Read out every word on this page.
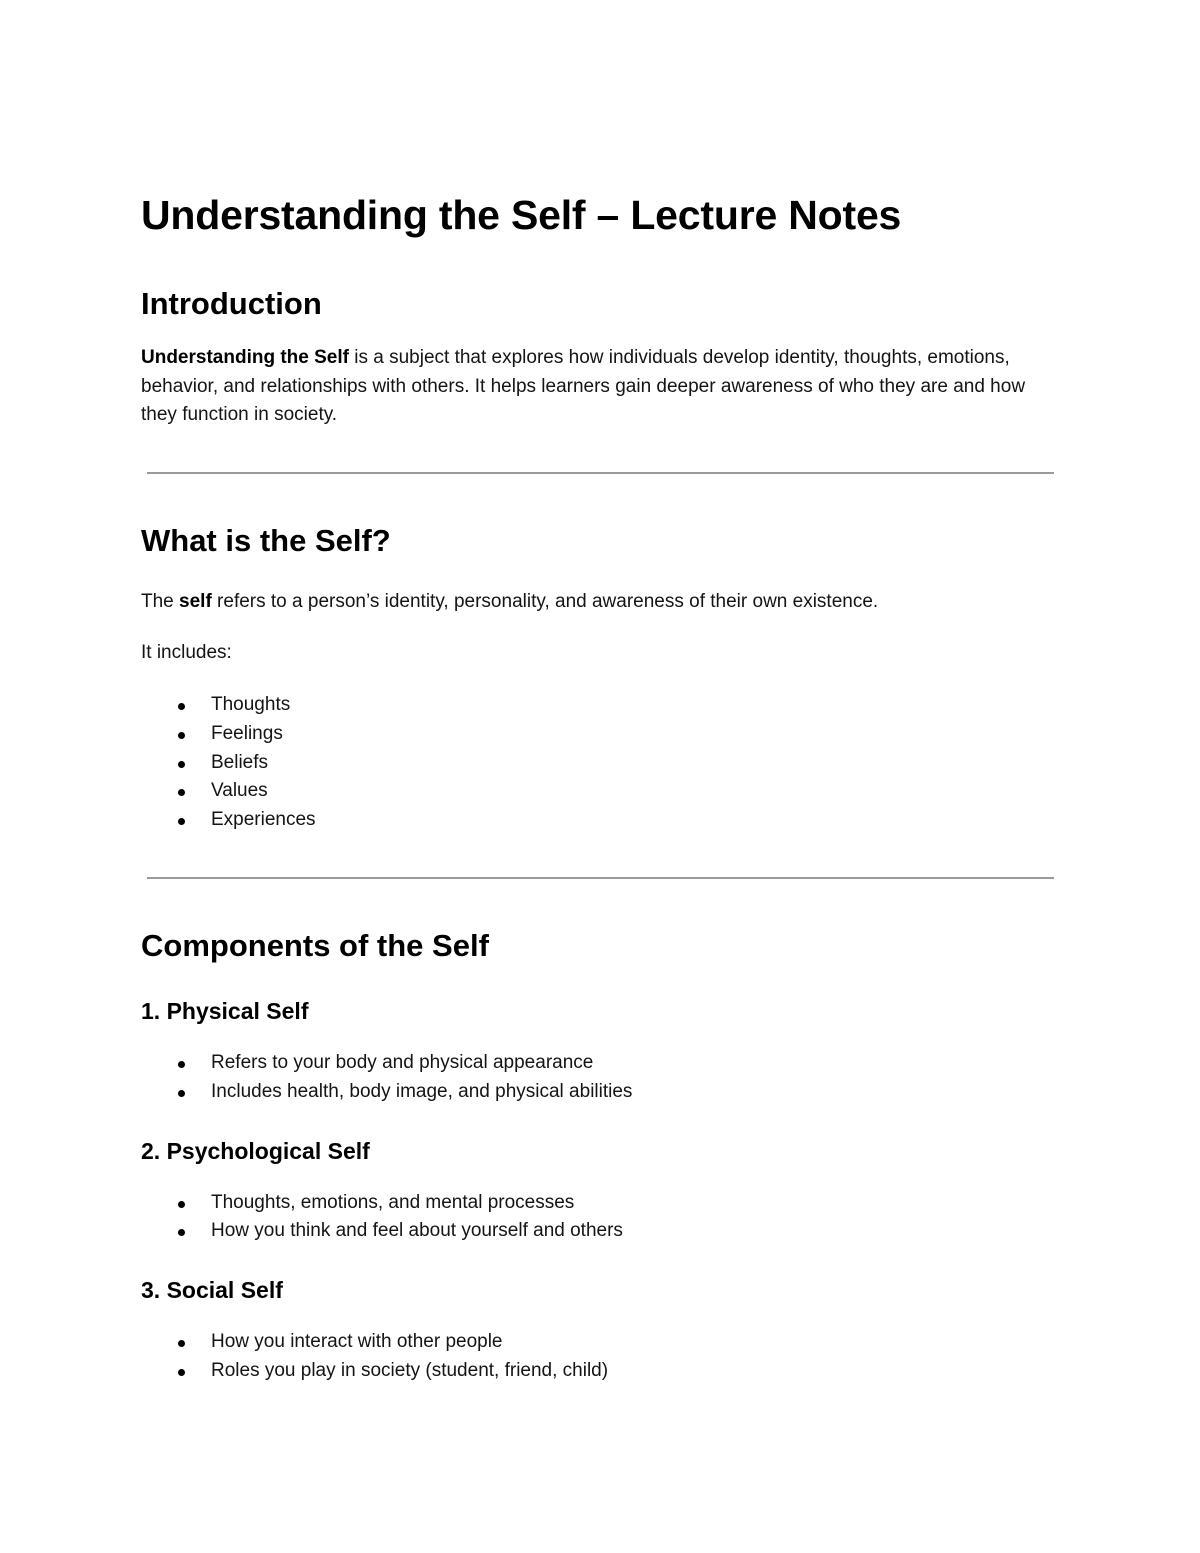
Understanding the Self – Lecture Notes
Introduction

Understanding the Self is a subject that explores how individuals develop identity, thoughts, emotions, behavior, and relationships with others. It helps learners gain deeper awareness of who they are and how they function in society.

What is the Self?

The self refers to a person’s identity, personality, and awareness of their own existence.

It includes:

Thoughts
Feelings
Beliefs
Values
Experiences
Components of the Self
1. Physical Self
Refers to your body and physical appearance
Includes health, body image, and physical abilities
2. Psychological Self
Thoughts, emotions, and mental processes
How you think and feel about yourself and others
3. Social Self
How you interact with other people
Roles you play in society (student, friend, child)
